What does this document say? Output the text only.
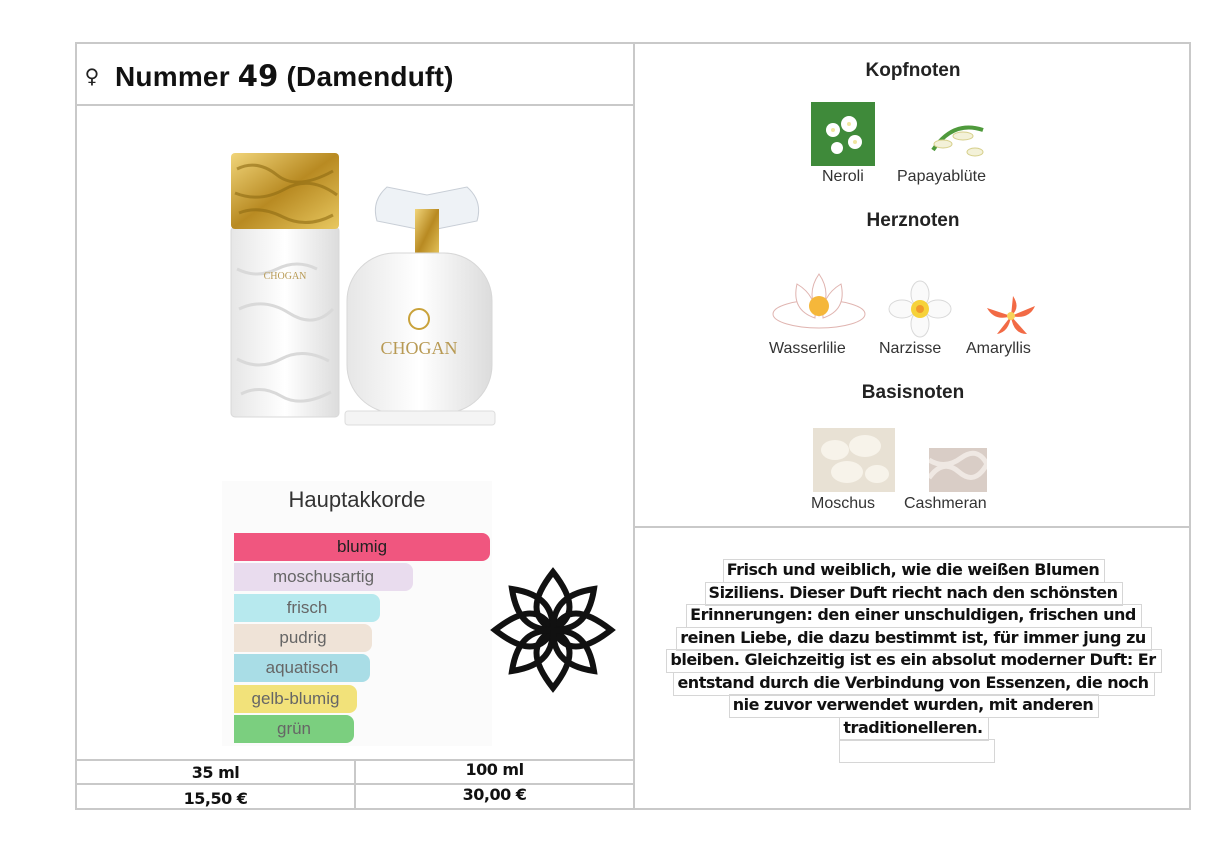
♀ Nummer 49 (Damenduft)
CHOGAN
CHOGAN
Hauptakkorde
blumig
moschusartig
frisch
pudrig
aquatisch
gelb-blumig
grün
35 ml	100 ml
15,50 €	30,00 €
Kopfnoten
Neroli Papayablüte
Herznoten
Wasserlilie Narzisse Amaryllis
Basisnoten
Moschus Cashmeran
Frisch und weiblich, wie die weißen Blumen
Siziliens. Dieser Duft riecht nach den schönsten
Erinnerungen: den einer unschuldigen, frischen und
reinen Liebe, die dazu bestimmt ist, für immer jung zu
bleiben. Gleichzeitig ist es ein absolut moderner Duft: Er
entstand durch die Verbindung von Essenzen, die noch
nie zuvor verwendet wurden, mit anderen
traditionelleren.
